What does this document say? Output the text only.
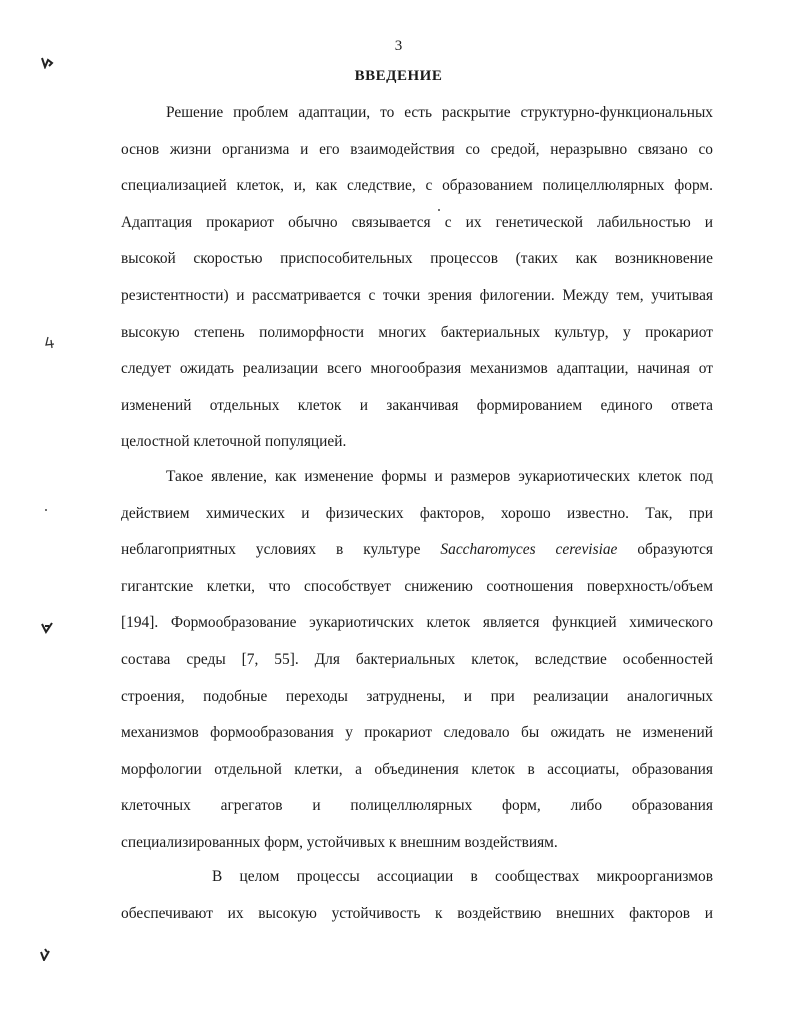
3
ВВЕДЕНИЕ
Решение проблем адаптации, то есть раскрытие структурно-функциональных
основ жизни организма и его взаимодействия со средой, неразрывно связано со
специализацией клеток, и, как следствие, с образованием полицеллюлярных форм.
Адаптация прокариот обычно связывается с их генетической лабильностью и
высокой скоростью приспособительных процессов (таких как возникновение
резистентности) и рассматривается с точки зрения филогении. Между тем, учитывая
высокую степень полиморфности многих бактериальных культур, у прокариот
следует ожидать реализации всего многообразия механизмов адаптации, начиная от
изменений отдельных клеток и заканчивая формированием единого ответа
целостной клеточной популяцией.
Такое явление, как изменение формы и размеров эукариотических клеток под
действием химических и физических факторов, хорошо известно. Так, при
неблагоприятных условиях в культуре Saccharomyces cerevisiae образуются
гигантские клетки, что способствует снижению соотношения поверхность/объем
[194]. Формообразование эукариотичских клеток является функцией химического
состава среды [7, 55]. Для бактериальных клеток, вследствие особенностей
строения, подобные переходы затруднены, и при реализации аналогичных
механизмов формообразования у прокариот следовало бы ожидать не изменений
морфологии отдельной клетки, а объединения клеток в ассоциаты, образования
клеточных агрегатов и полицеллюлярных форм, либо образования
специализированных форм, устойчивых к внешним воздействиям.
В целом процессы ассоциации в сообществах микроорганизмов
обеспечивают их высокую устойчивость к воздействию внешних факторов и
